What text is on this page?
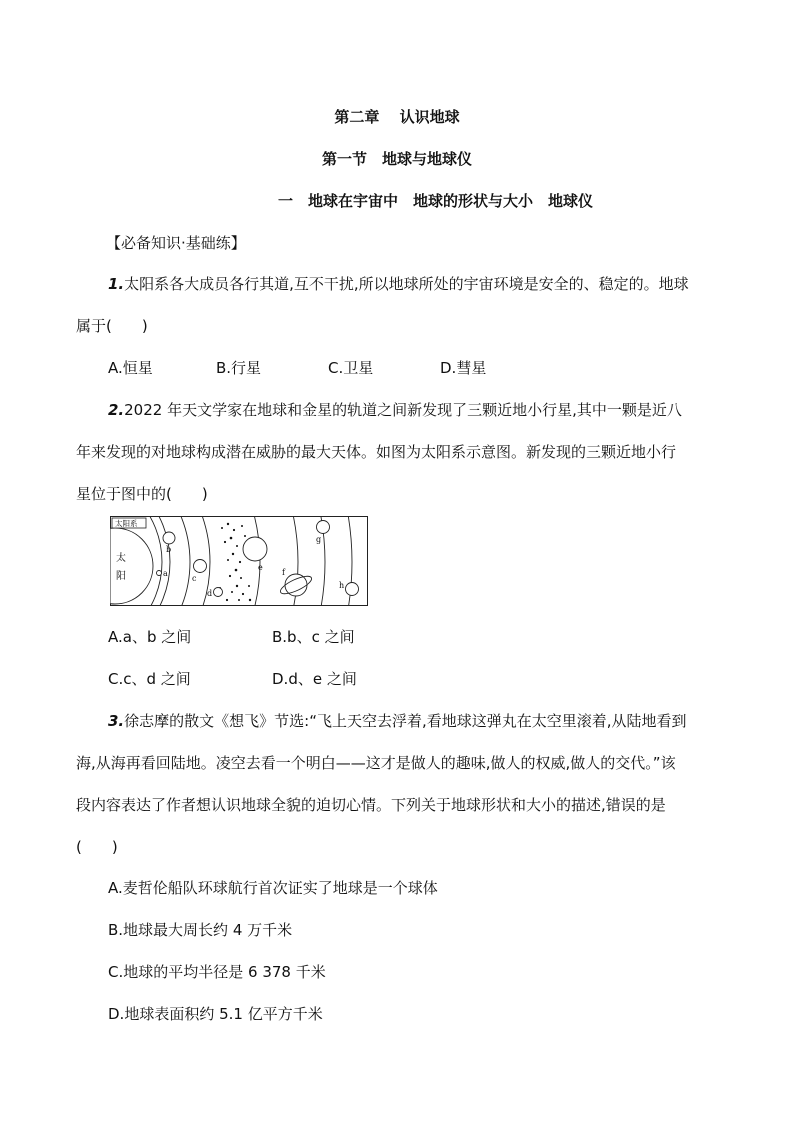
第二章　 认识地球
第一节　地球与地球仪
一　地球在宇宙中　地球的形状与大小　地球仪
【必备知识·基础练】
1.太阳系各大成员各行其道,互不干扰,所以地球所处的宇宙环境是安全的、稳定的。地球
属于(　　)
A.恒星	B.行星	C.卫星	D.彗星
2.2022 年天文学家在地球和金星的轨道之间新发现了三颗近地小行星,其中一颗是近八
年来发现的对地球构成潜在威胁的最大天体。如图为太阳系示意图。新发现的三颗近地小行
星位于图中的(　　)
太
阳
太阳系
a
b
c
d
e
f
g
h
A.a、b 之间	B.b、c 之间
C.c、d 之间	D.d、e 之间
3.徐志摩的散文《想飞》节选:“飞上天空去浮着,看地球这弹丸在太空里滚着,从陆地看到
海,从海再看回陆地。凌空去看一个明白——这才是做人的趣味,做人的权威,做人的交代。”该
段内容表达了作者想认识地球全貌的迫切心情。下列关于地球形状和大小的描述,错误的是
(　　)
A.麦哲伦船队环球航行首次证实了地球是一个球体
B.地球最大周长约 4 万千米
C.地球的平均半径是 6 378 千米
D.地球表面积约 5.1 亿平方千米
